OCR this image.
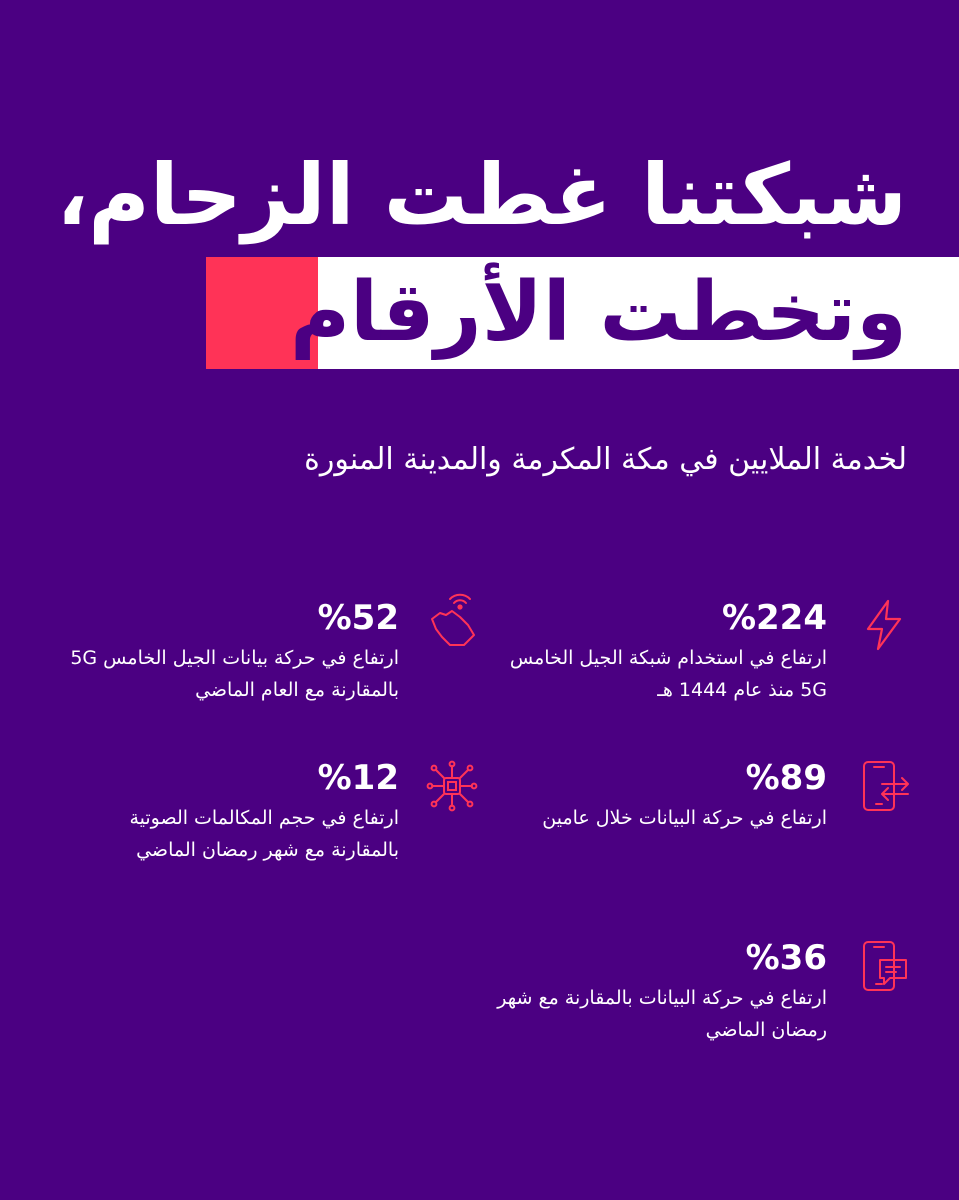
شبكتنا غطت الزحام،
وتخطت الأرقام
لخدمة الملايين في مكة المكرمة والمدينة المنورة
%224
ارتفاع في استخدام شبكة الجيل الخامس 5G منذ عام 1444 هـ
%52
ارتفاع في حركة بيانات الجيل الخامس 5G بالمقارنة مع العام الماضي
%89
ارتفاع في حركة البيانات خلال عامين
%12
ارتفاع في حجم المكالمات الصوتية بالمقارنة مع شهر رمضان الماضي
%36
ارتفاع في حركة البيانات بالمقارنة مع شهر رمضان الماضي
